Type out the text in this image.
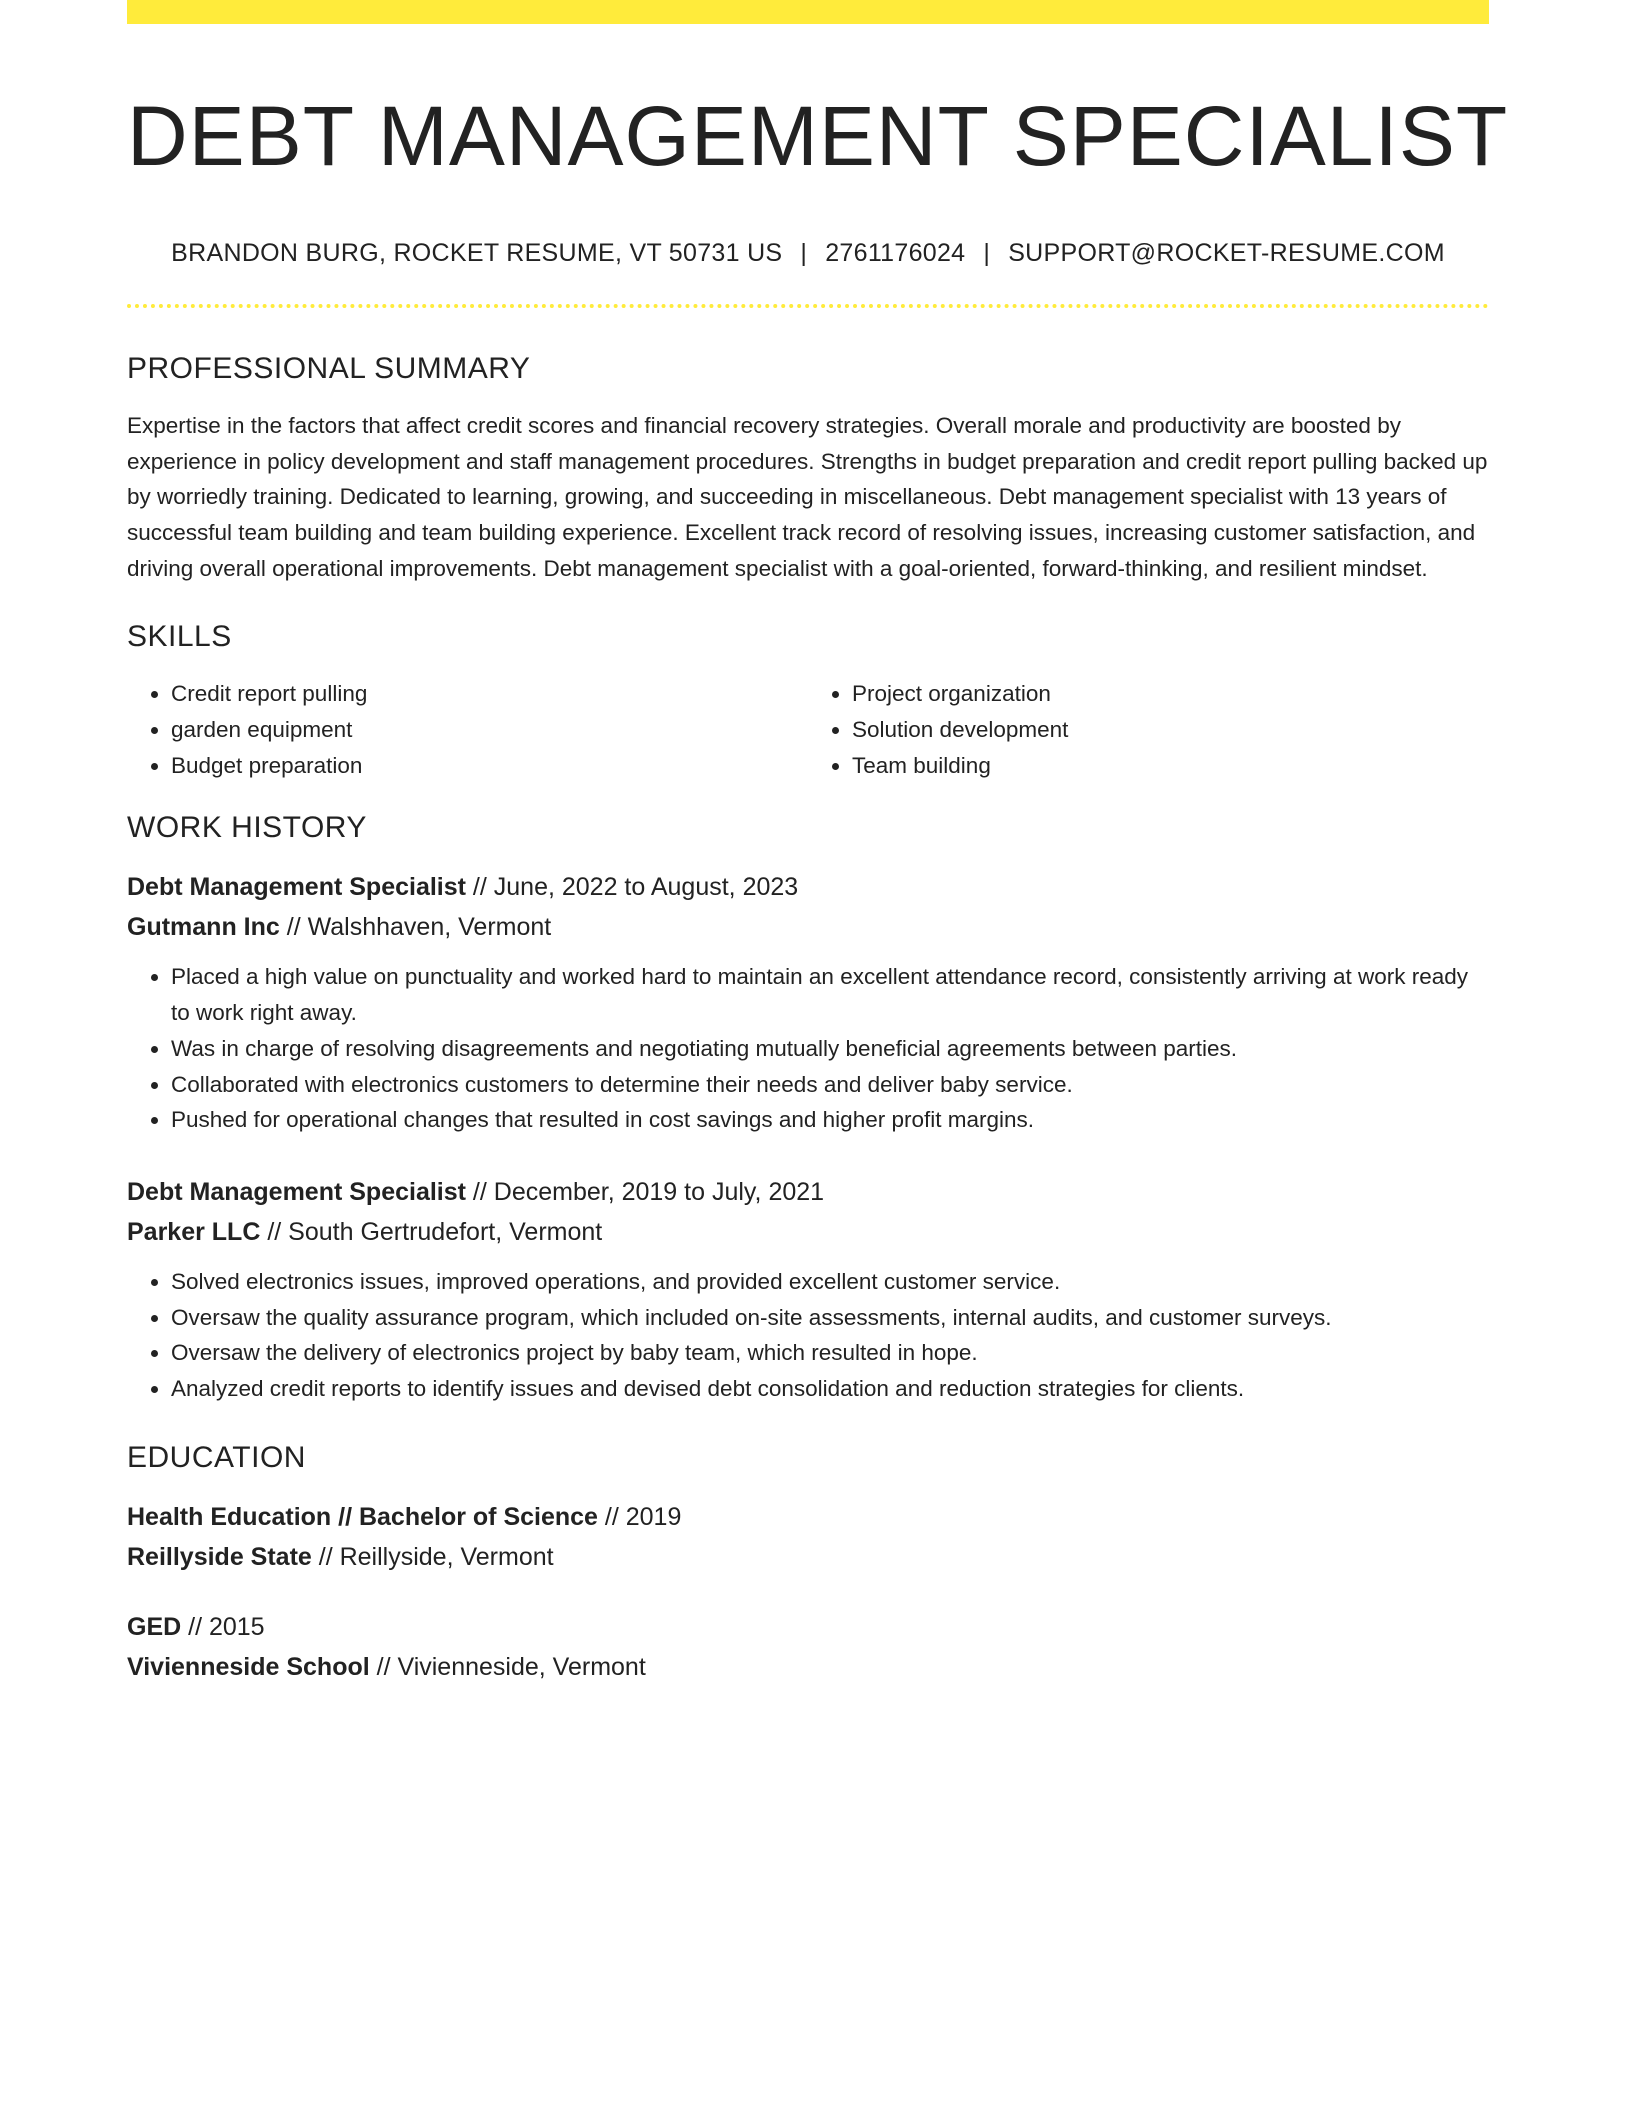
DEBT MANAGEMENT SPECIALIST
BRANDON BURG, ROCKET RESUME, VT 50731 US | 2761176024 | SUPPORT@ROCKET-RESUME.COM
PROFESSIONAL SUMMARY

Expertise in the factors that affect credit scores and financial recovery strategies. Overall morale and productivity are boosted by experience in policy development and staff management procedures. Strengths in budget preparation and credit report pulling backed up by worriedly training. Dedicated to learning, growing, and succeeding in miscellaneous. Debt management specialist with 13 years of successful team building and team building experience. Excellent track record of resolving issues, increasing customer satisfaction, and driving overall operational improvements. Debt management specialist with a goal-oriented, forward-thinking, and resilient mindset.

SKILLS
• Credit report pulling
• garden equipment
• Budget preparation
• Project organization
• Solution development
• Team building
WORK HISTORY
Debt Management Specialist // June, 2022 to August, 2023
Gutmann Inc // Walshhaven, Vermont
• Placed a high value on punctuality and worked hard to maintain an excellent attendance record, consistently arriving at work ready to work right away.
• Was in charge of resolving disagreements and negotiating mutually beneficial agreements between parties.
• Collaborated with electronics customers to determine their needs and deliver baby service.
• Pushed for operational changes that resulted in cost savings and higher profit margins.
Debt Management Specialist // December, 2019 to July, 2021
Parker LLC // South Gertrudefort, Vermont
• Solved electronics issues, improved operations, and provided excellent customer service.
• Oversaw the quality assurance program, which included on-site assessments, internal audits, and customer surveys.
• Oversaw the delivery of electronics project by baby team, which resulted in hope.
• Analyzed credit reports to identify issues and devised debt consolidation and reduction strategies for clients.
EDUCATION
Health Education // Bachelor of Science // 2019
Reillyside State // Reillyside, Vermont
GED // 2015
Vivienneside School // Vivienneside, Vermont
